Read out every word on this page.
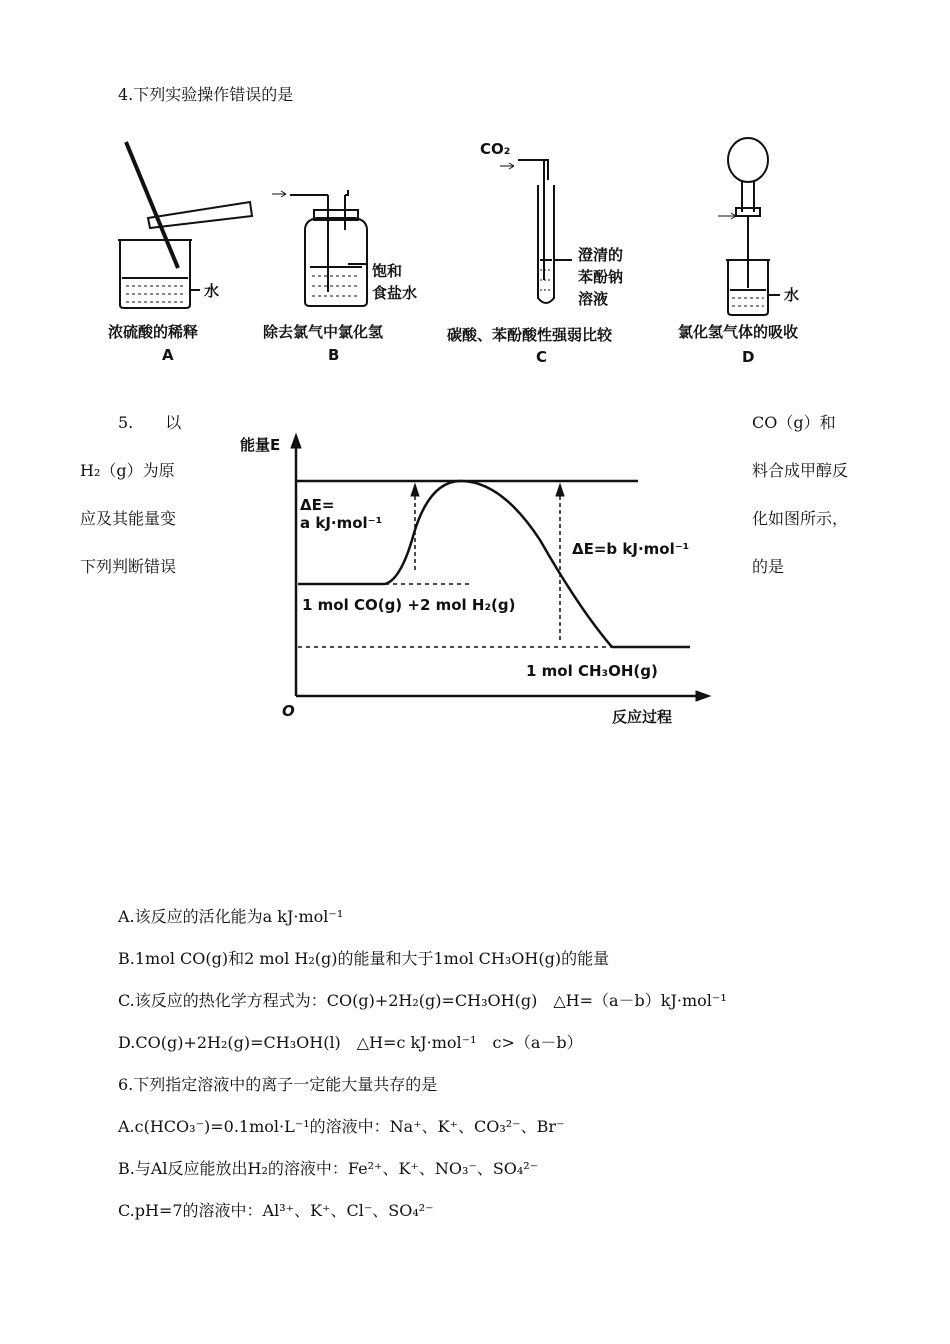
4.下列实验操作错误的是
水
浓硫酸的稀释
A
饱和
食盐水
除去氯气中氯化氢
B
CO₂
澄清的
苯酚钠
溶液
碳酸、苯酚酸性强弱比较
C
水
氯化氢气体的吸收
D
5.　　以
H₂（g）为原
应及其能量变
下列判断错误
CO（g）和
料合成甲醇反
化如图所示，
的是
能量E
O	反应过程
ΔE=
a kJ·mol⁻¹
ΔE=b kJ·mol⁻¹
1 mol CO(g) +2 mol H₂(g)
1 mol CH₃OH(g)
A.该反应的活化能为a kJ·mol⁻¹
B.1mol CO(g)和2 mol H₂(g)的能量和大于1mol CH₃OH(g)的能量
C.该反应的热化学方程式为：CO(g)+2H₂(g)=CH₃OH(g)　△H=（a－b）kJ·mol⁻¹
D.CO(g)+2H₂(g)=CH₃OH(l)　△H=c kJ·mol⁻¹　c>（a－b）
6.下列指定溶液中的离子一定能大量共存的是
A.c(HCO₃⁻)=0.1mol·L⁻¹的溶液中：Na⁺、K⁺、CO₃²⁻、Br⁻
B.与Al反应能放出H₂的溶液中：Fe²⁺、K⁺、NO₃⁻、SO₄²⁻
C.pH=7的溶液中：Al³⁺、K⁺、Cl⁻、SO₄²⁻
